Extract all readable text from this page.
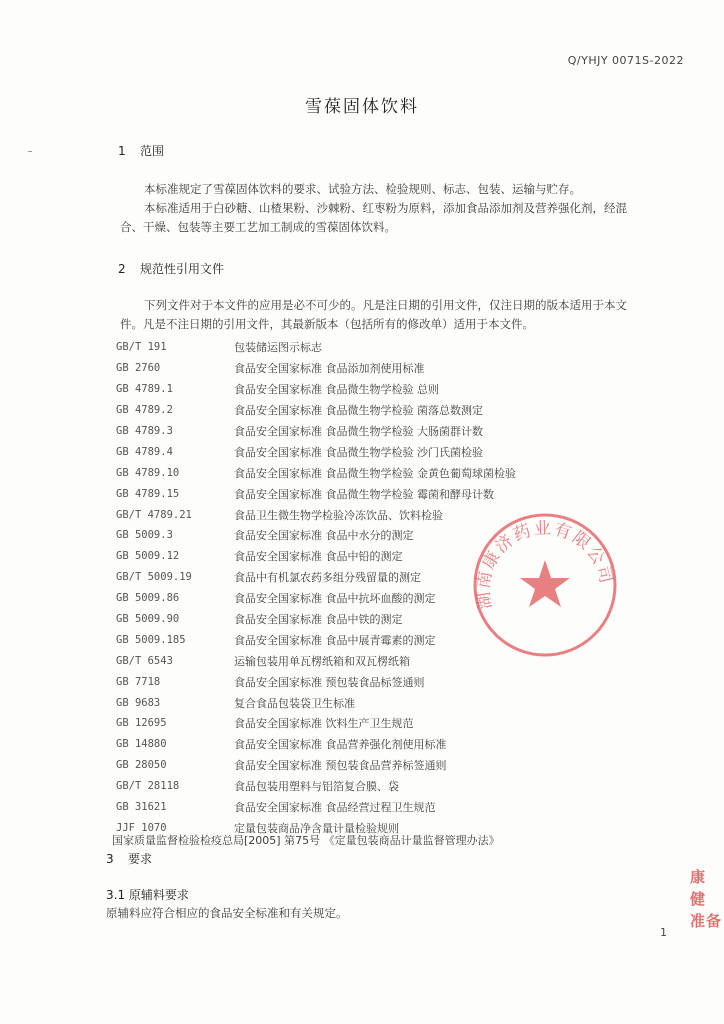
Q/YHJY 0071S-2022
雪葆固体饮料
1 范围
本标准规定了雪葆固体饮料的要求、试验方法、检验规则、标志、包装、运输与贮存。
本标准适用于白砂糖、山楂果粉、沙棘粉、红枣粉为原料，添加食品添加剂及营养强化剂，经混
合、干燥、包装等主要工艺加工制成的雪葆固体饮料。
2 规范性引用文件
下列文件对于本文件的应用是必不可少的。凡是注日期的引用文件，仅注日期的版本适用于本文
件。凡是不注日期的引用文件，其最新版本（包括所有的修改单）适用于本文件。
GB/T 191	包装储运图示标志
GB 2760	食品安全国家标准 食品添加剂使用标准
GB 4789.1	食品安全国家标准 食品微生物学检验 总则
GB 4789.2	食品安全国家标准 食品微生物学检验 菌落总数测定
GB 4789.3	食品安全国家标准 食品微生物学检验 大肠菌群计数
GB 4789.4	食品安全国家标准 食品微生物学检验 沙门氏菌检验
GB 4789.10	食品安全国家标准 食品微生物学检验 金黄色葡萄球菌检验
GB 4789.15	食品安全国家标准 食品微生物学检验 霉菌和酵母计数
GB/T 4789.21	食品卫生微生物学检验冷冻饮品、饮料检验
GB 5009.3	食品安全国家标准 食品中水分的测定
GB 5009.12	食品安全国家标准 食品中铅的测定
GB/T 5009.19	食品中有机氯农药多组分残留量的测定
GB 5009.86	食品安全国家标准 食品中抗坏血酸的测定
GB 5009.90	食品安全国家标准 食品中铁的测定
GB 5009.185	食品安全国家标准 食品中展青霉素的测定
GB/T 6543	运输包装用单瓦楞纸箱和双瓦楞纸箱
GB 7718	食品安全国家标准 预包装食品标签通则
GB 9683	复合食品包装袋卫生标准
GB 12695	食品安全国家标准 饮料生产卫生规范
GB 14880	食品安全国家标准 食品营养强化剂使用标准
GB 28050	食品安全国家标准 预包装食品营养标签通则
GB/T 28118	食品包装用塑料与铝箔复合膜、袋
GB 31621	食品安全国家标准 食品经营过程卫生规范
JJF 1070	定量包装商品净含量计量检验规则
国家质量监督检验检疫总局[2005] 第75号 《定量包装商品计量监督管理办法》
3 要求
3.1 原辅料要求
原辅料应符合相应的食品安全标准和有关规定。
湖南康济药业有限公司
康
健
准备
1
